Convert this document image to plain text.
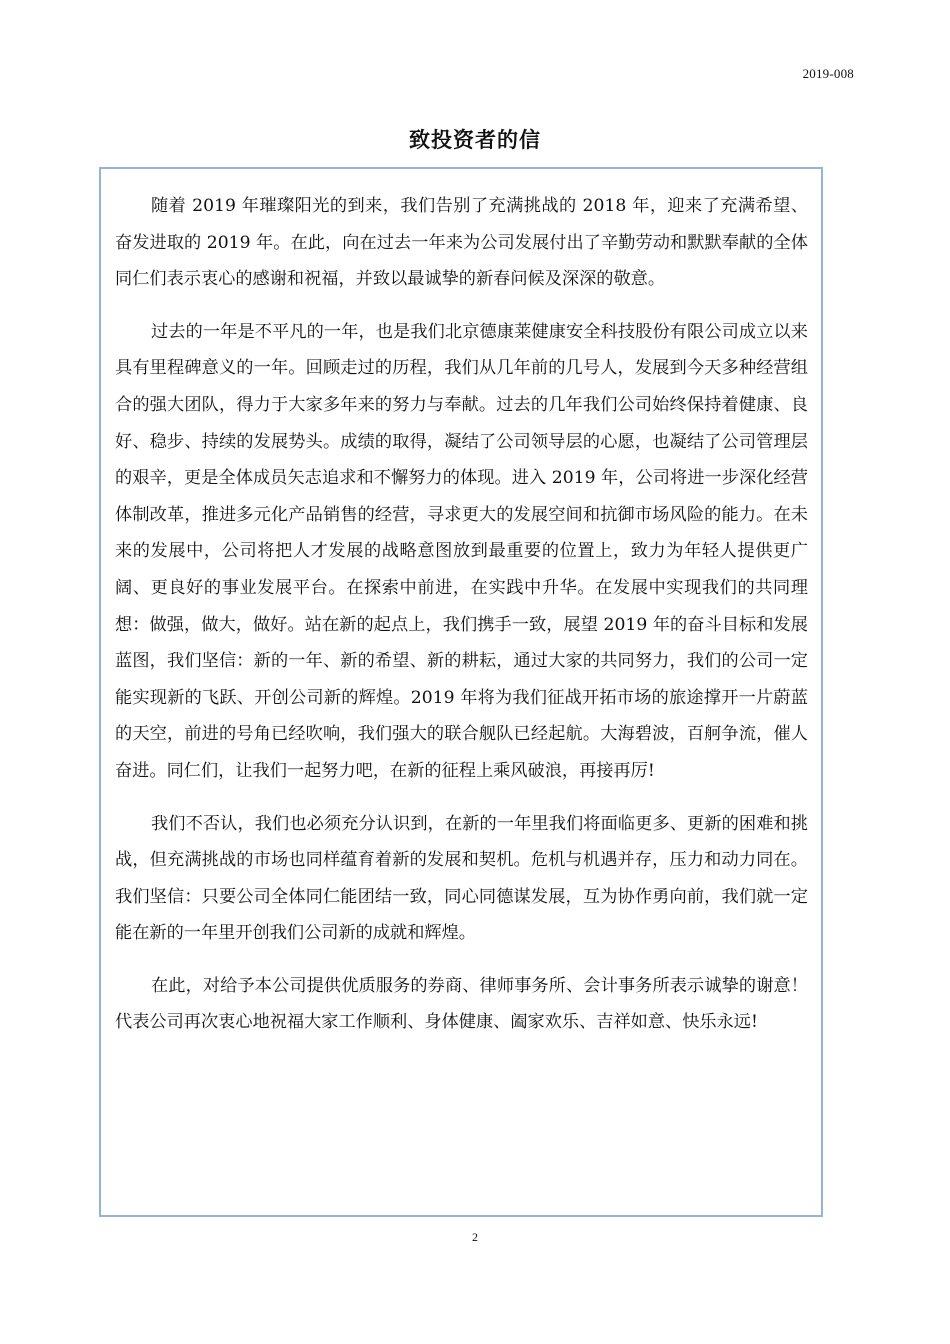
2019-008
致投资者的信

随着 2019 年璀璨阳光的到来，我们告别了充满挑战的 2018 年，迎来了充满希望、奋发进取的 2019 年。在此，向在过去一年来为公司发展付出了辛勤劳动和默默奉献的全体同仁们表示衷心的感谢和祝福，并致以最诚挚的新春问候及深深的敬意。

过去的一年是不平凡的一年，也是我们北京德康莱健康安全科技股份有限公司成立以来具有里程碑意义的一年。回顾走过的历程，我们从几年前的几号人，发展到今天多种经营组合的强大团队，得力于大家多年来的努力与奉献。过去的几年我们公司始终保持着健康、良好、稳步、持续的发展势头。成绩的取得，凝结了公司领导层的心愿，也凝结了公司管理层的艰辛，更是全体成员矢志追求和不懈努力的体现。进入 2019 年，公司将进一步深化经营体制改革，推进多元化产品销售的经营，寻求更大的发展空间和抗御市场风险的能力。在未来的发展中，公司将把人才发展的战略意图放到最重要的位置上，致力为年轻人提供更广阔、更良好的事业发展平台。在探索中前进，在实践中升华。在发展中实现我们的共同理想：做强，做大，做好。站在新的起点上，我们携手一致，展望 2019 年的奋斗目标和发展蓝图，我们坚信：新的一年、新的希望、新的耕耘，通过大家的共同努力，我们的公司一定能实现新的飞跃、开创公司新的辉煌。2019 年将为我们征战开拓市场的旅途撑开一片蔚蓝的天空，前进的号角已经吹响，我们强大的联合舰队已经起航。大海碧波，百舸争流，催人奋进。同仁们，让我们一起努力吧，在新的征程上乘风破浪，再接再厉!

我们不否认，我们也必须充分认识到，在新的一年里我们将面临更多、更新的困难和挑战，但充满挑战的市场也同样蕴育着新的发展和契机。危机与机遇并存，压力和动力同在。我们坚信：只要公司全体同仁能团结一致，同心同德谋发展，互为协作勇向前，我们就一定能在新的一年里开创我们公司新的成就和辉煌。

在此，对给予本公司提供优质服务的券商、律师事务所、会计事务所表示诚挚的谢意！代表公司再次衷心地祝福大家工作顺利、身体健康、阖家欢乐、吉祥如意、快乐永远!

2
